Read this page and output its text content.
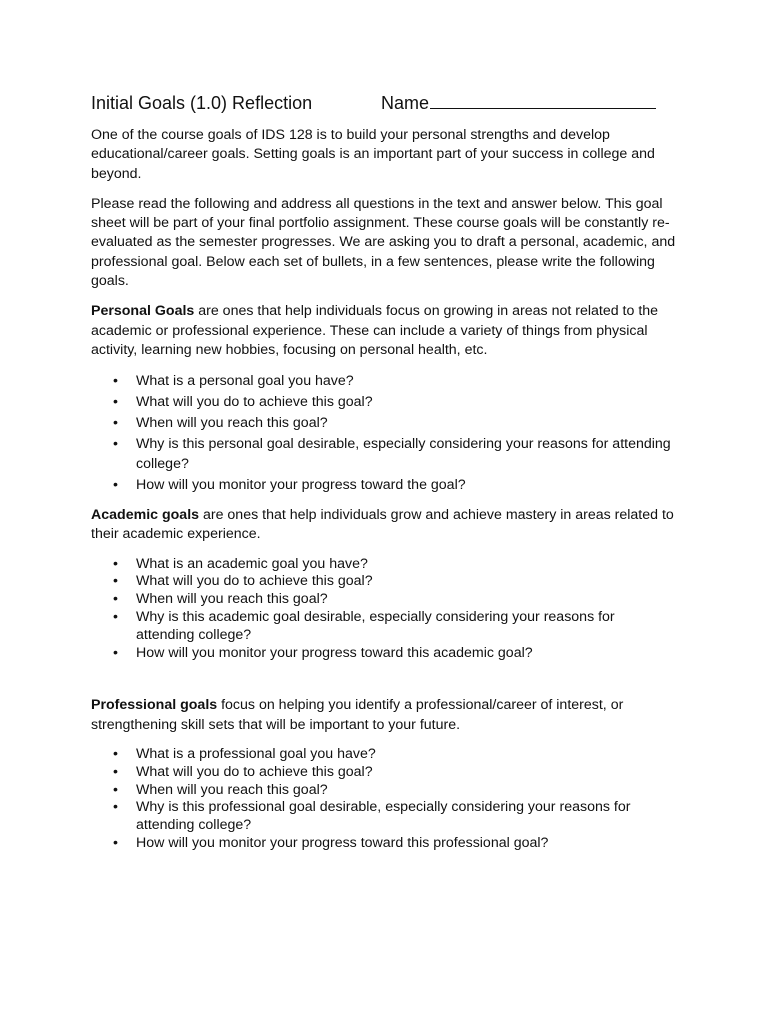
Initial Goals (1.0) Reflection	Name

One of the course goals of IDS 128 is to build your personal strengths and develop educational/career goals. Setting goals is an important part of your success in college and beyond.

Please read the following and address all questions in the text and answer below. This goal sheet will be part of your final portfolio assignment. These course goals will be constantly re-evaluated as the semester progresses. We are asking you to draft a personal, academic, and professional goal. Below each set of bullets, in a few sentences, please write the following goals.

Personal Goals are ones that help individuals focus on growing in areas not related to the academic or professional experience. These can include a variety of things from physical activity, learning new hobbies, focusing on personal health, etc.

• What is a personal goal you have?
• What will you do to achieve this goal?
• When will you reach this goal?
• Why is this personal goal desirable, especially considering your reasons for attending college?
• How will you monitor your progress toward the goal?

Academic goals are ones that help individuals grow and achieve mastery in areas related to their academic experience.

• What is an academic goal you have?
• What will you do to achieve this goal?
• When will you reach this goal?
• Why is this academic goal desirable, especially considering your reasons for attending college?
• How will you monitor your progress toward this academic goal?

Professional goals focus on helping you identify a professional/career of interest, or strengthening skill sets that will be important to your future.

• What is a professional goal you have?
• What will you do to achieve this goal?
• When will you reach this goal?
• Why is this professional goal desirable, especially considering your reasons for attending college?
• How will you monitor your progress toward this professional goal?
